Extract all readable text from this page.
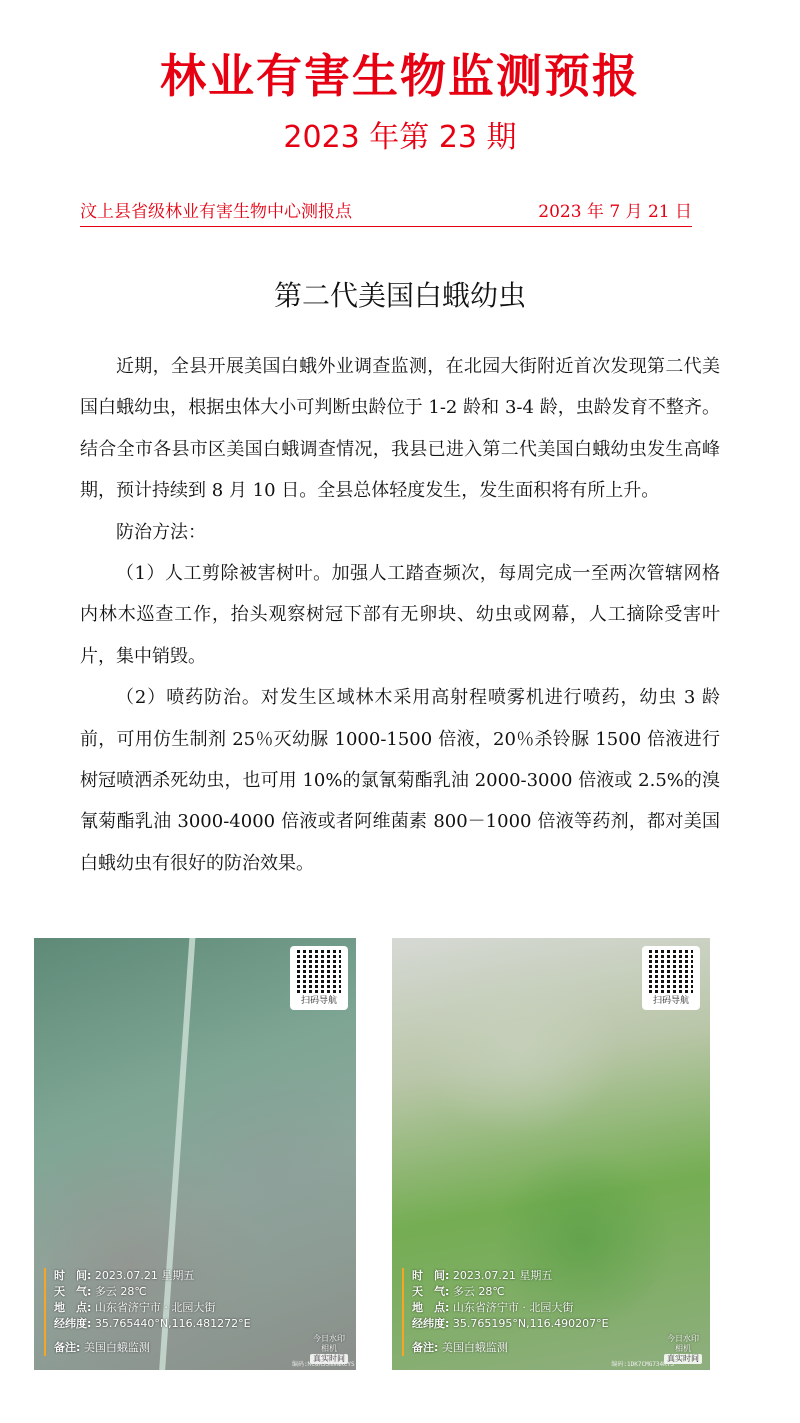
林业有害生物监测预报
2023 年第 23 期
汶上县省级林业有害生物中心测报点	2023 年 7 月 21 日
第二代美国白蛾幼虫

近期，全县开展美国白蛾外业调查监测，在北园大街附近首次发现第二代美国白蛾幼虫，根据虫体大小可判断虫龄位于 1-2 龄和 3-4 龄，虫龄发育不整齐。结合全市各县市区美国白蛾调查情况，我县已进入第二代美国白蛾幼虫发生高峰期，预计持续到 8 月 10 日。全县总体轻度发生，发生面积将有所上升。

防治方法：

（1）人工剪除被害树叶。加强人工踏查频次，每周完成一至两次管辖网格内林木巡查工作，抬头观察树冠下部有无卵块、幼虫或网幕，人工摘除受害叶片，集中销毁。

（2）喷药防治。对发生区域林木采用高射程喷雾机进行喷药，幼虫 3 龄前，可用仿生制剂 25％灭幼脲 1000-1500 倍液，20％杀铃脲 1500 倍液进行树冠喷洒杀死幼虫，也可用 10%的氯氰菊酯乳油 2000-3000 倍液或 2.5%的溴氰菊酯乳油 3000-4000 倍液或者阿维菌素 800－1000 倍液等药剂，都对美国白蛾幼虫有很好的防治效果。

扫码导航
时　间: 2023.07.21 星期五
天　气: 多云 28℃
地　点: 山东省济宁市 · 北园大街
经纬度: 35.765440°N,116.481272°E
备注: 美国白蛾监测
今日水印
相机
真实时间
编码:MC8RS5N9NKCYS
扫码导航
时　间: 2023.07.21 星期五
天　气: 多云 28℃
地　点: 山东省济宁市 · 北园大街
经纬度: 35.765195°N,116.490207°E
备注: 美国白蛾监测
今日水印
相机
真实时间
编码:1DK7CMG734KYS
